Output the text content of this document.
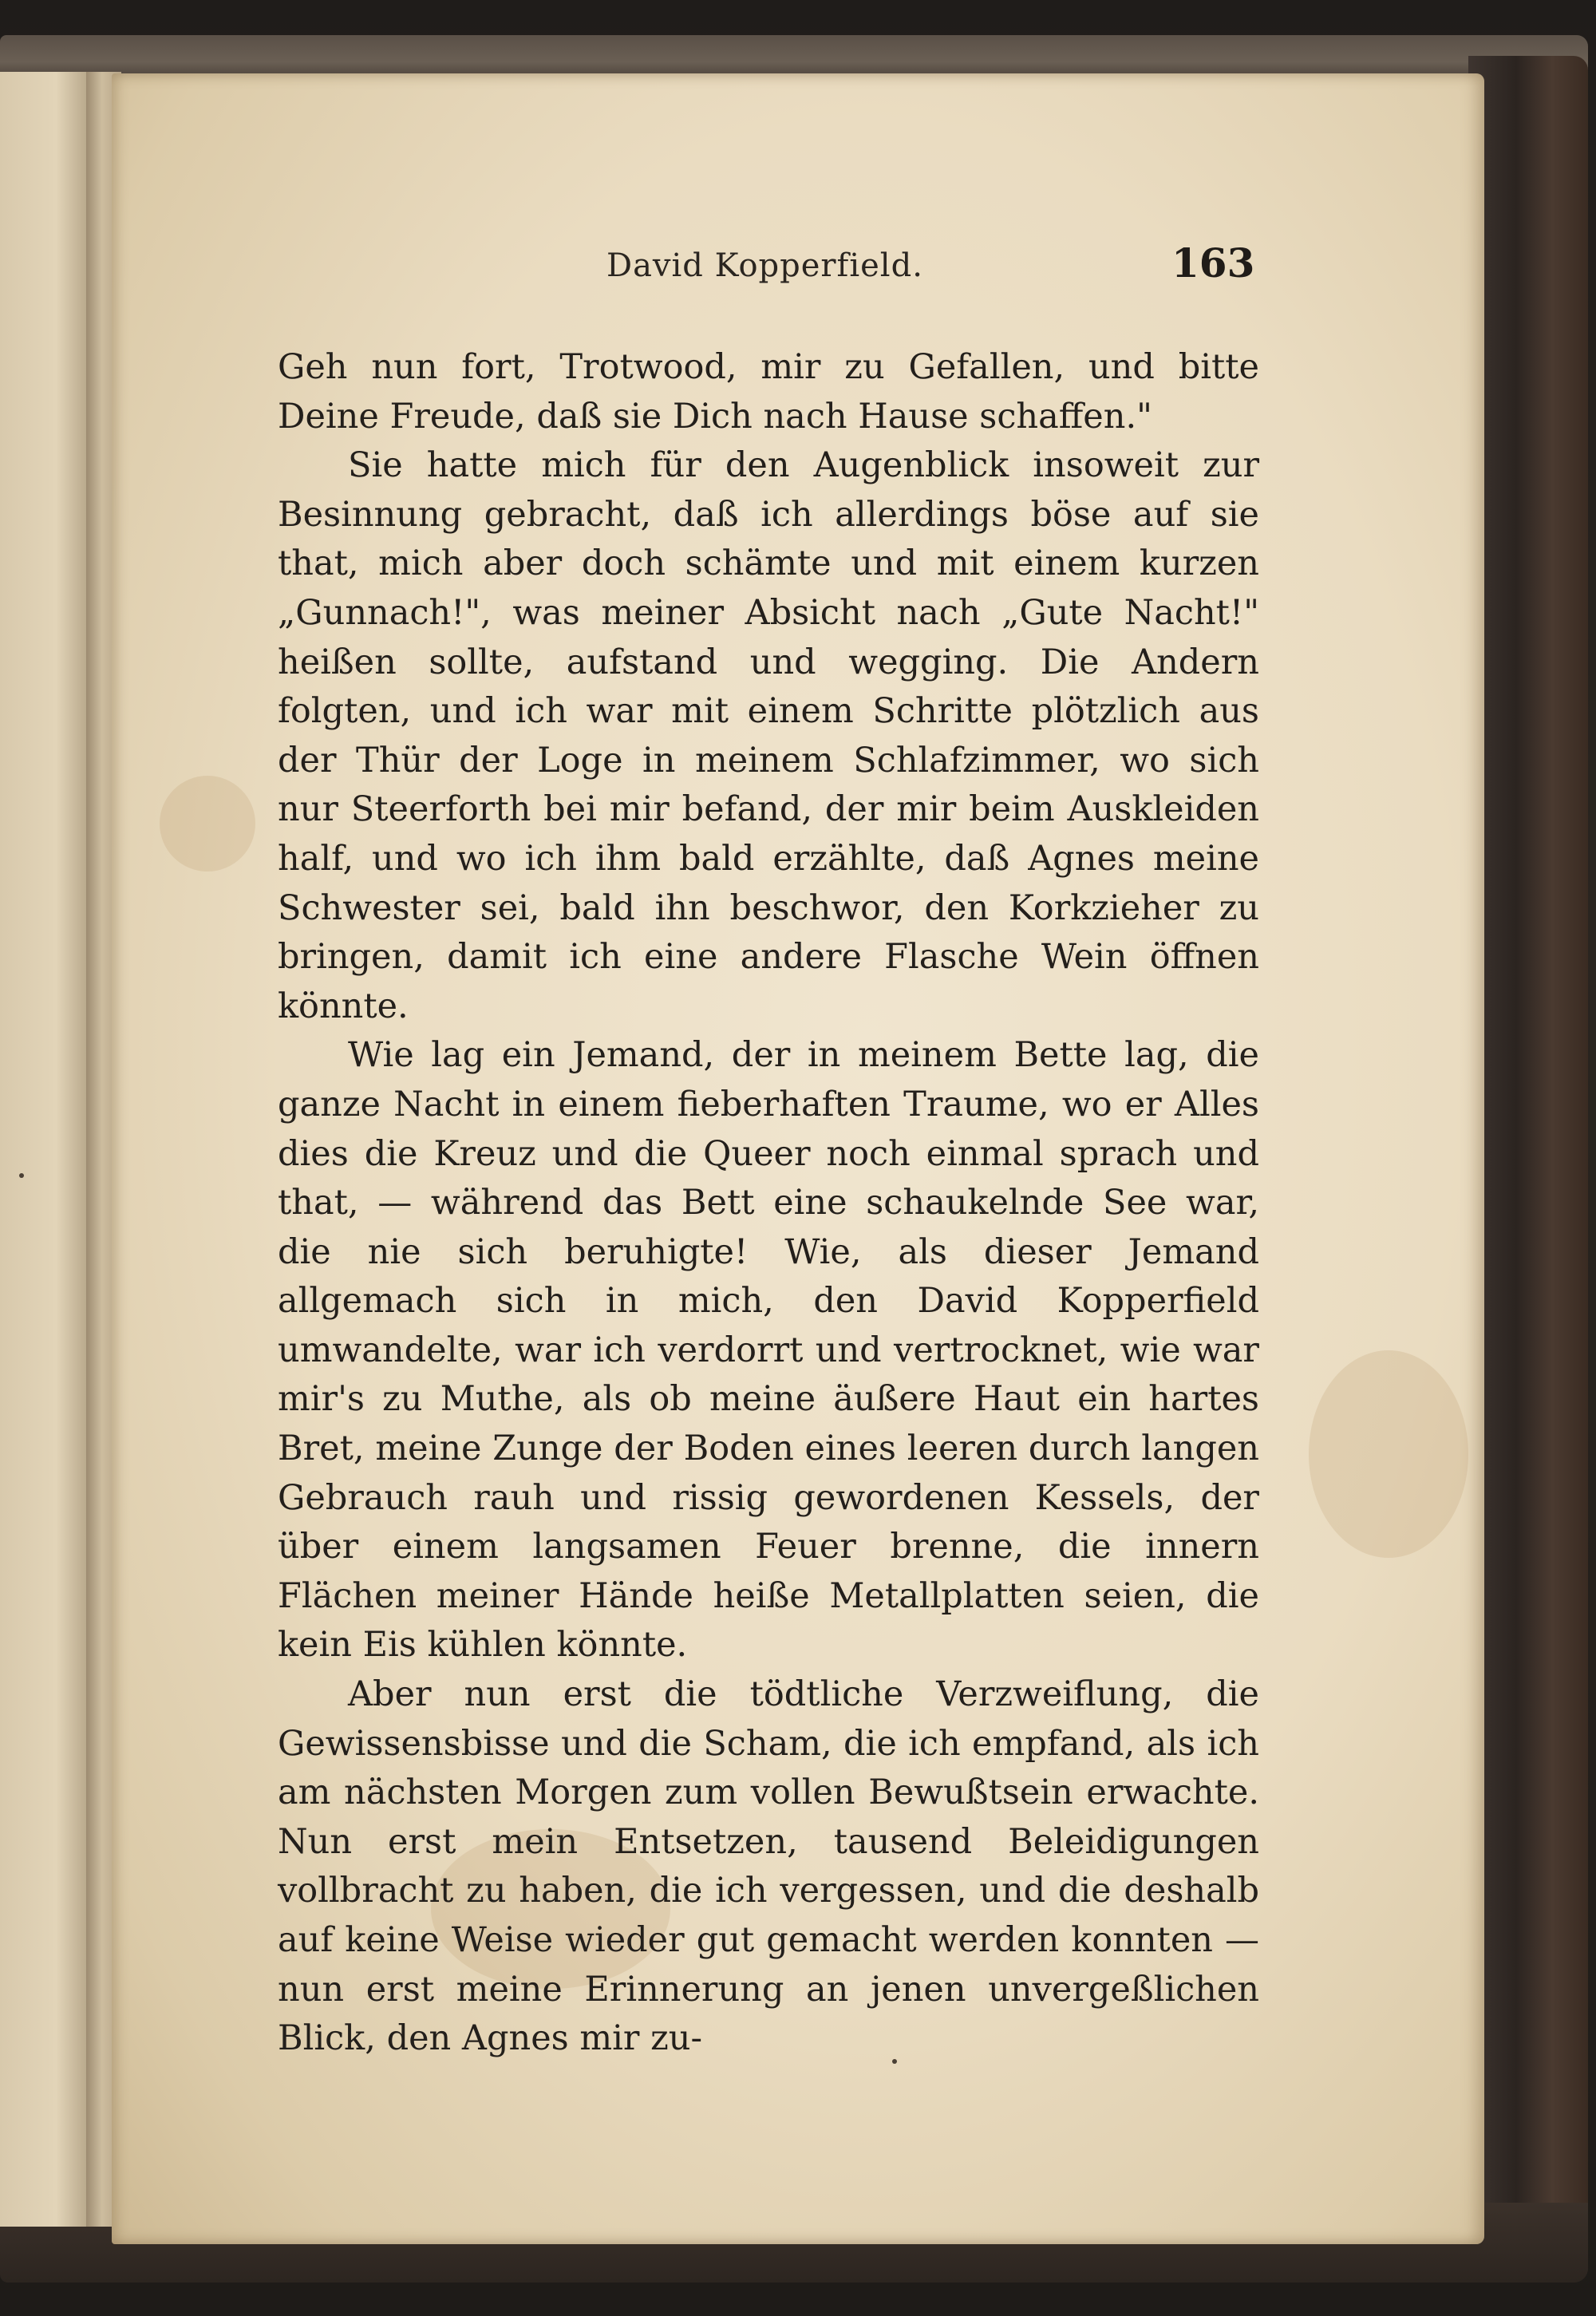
David Kopperfield.	163

Geh nun fort, Trotwood, mir zu Gefallen, und bitte Deine Freude, daß sie Dich nach Hause schaffen."

Sie hatte mich für den Augenblick insoweit zur Besinnung gebracht, daß ich allerdings böse auf sie that, mich aber doch schämte und mit einem kurzen „Gunnach!", was meiner Absicht nach „Gute Nacht!" heißen sollte, aufstand und wegging. Die Andern folgten, und ich war mit einem Schritte plötzlich aus der Thür der Loge in meinem Schlafzimmer, wo sich nur Steerforth bei mir befand, der mir beim Auskleiden half, und wo ich ihm bald erzählte, daß Agnes meine Schwester sei, bald ihn beschwor, den Korkzieher zu bringen, damit ich eine andere Flasche Wein öffnen könnte.

Wie lag ein Jemand, der in meinem Bette lag, die ganze Nacht in einem fieberhaften Traume, wo er Alles dies die Kreuz und die Queer noch einmal sprach und that, — während das Bett eine schaukelnde See war, die nie sich beruhigte! Wie, als dieser Jemand allgemach sich in mich, den David Kopperfield umwandelte, war ich verdorrt und vertrocknet, wie war mir's zu Muthe, als ob meine äußere Haut ein hartes Bret, meine Zunge der Boden eines leeren durch langen Gebrauch rauh und rissig gewordenen Kessels, der über einem langsamen Feuer brenne, die innern Flächen meiner Hände heiße Metallplatten seien, die kein Eis kühlen könnte.

Aber nun erst die tödtliche Verzweiflung, die Gewissensbisse und die Scham, die ich empfand, als ich am nächsten Morgen zum vollen Bewußtsein erwachte. Nun erst mein Entsetzen, tausend Beleidigungen vollbracht zu haben, die ich vergessen, und die deshalb auf keine Weise wieder gut gemacht werden konnten — nun erst meine Erinnerung an jenen unvergeßlichen Blick, den Agnes mir zu-
